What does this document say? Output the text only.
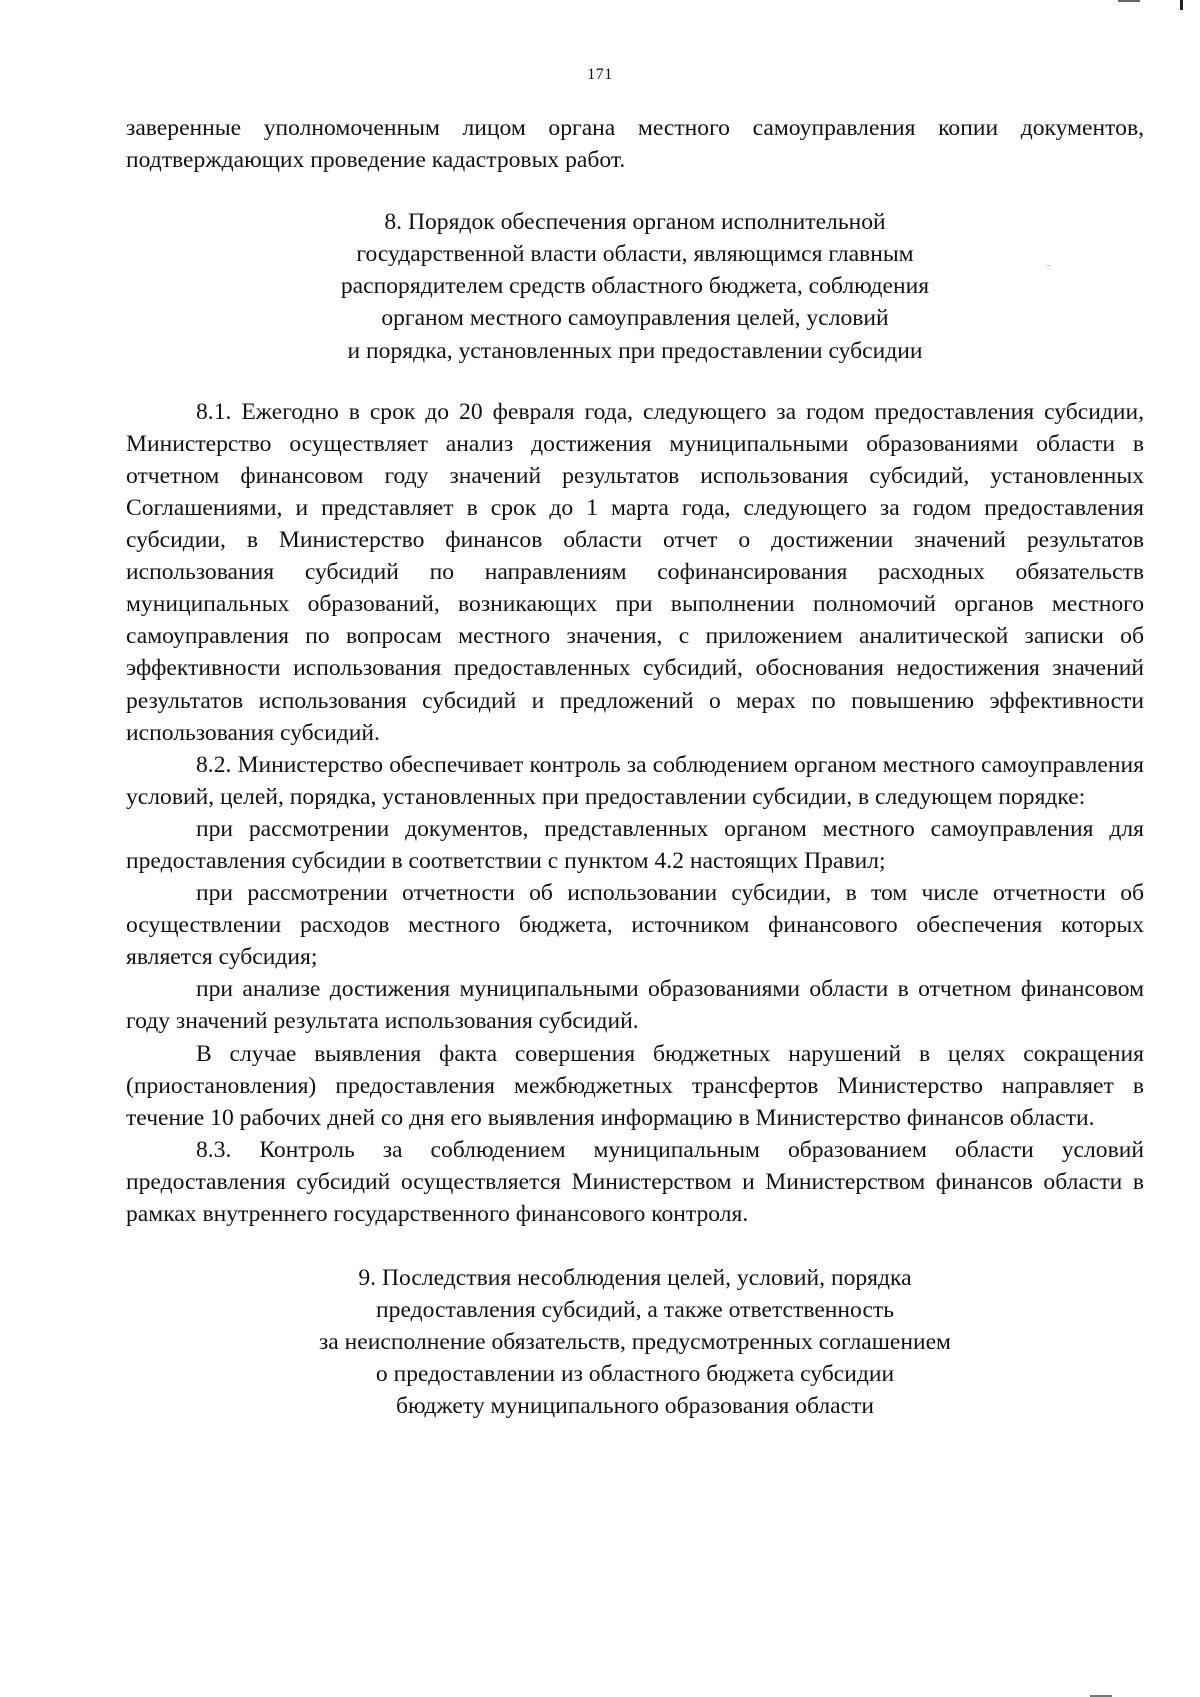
171

заверенные уполномоченным лицом органа местного самоуправления копии документов, подтверждающих проведение кадастровых работ.

8. Порядок обеспечения органом исполнительной
государственной власти области, являющимся главным
распорядителем средств областного бюджета, соблюдения
органом местного самоуправления целей, условий
и порядка, установленных при предоставлении субсидии

8.1. Ежегодно в срок до 20 февраля года, следующего за годом предоставления субсидии, Министерство осуществляет анализ достижения муниципальными образованиями области в отчетном финансовом году значений результатов использования субсидий, установленных Соглашениями, и представляет в срок до 1 марта года, следующего за годом предоставления субсидии, в Министерство финансов области отчет о достижении значений результатов использования субсидий по направлениям софинансирования расходных обязательств муниципальных образований, возникающих при выполнении полномочий органов местного самоуправления по вопросам местного значения, с приложением аналитической записки об эффективности использования предоставленных субсидий, обоснования недостижения значений результатов использования субсидий и предложений о мерах по повышению эффективности использования субсидий.

8.2. Министерство обеспечивает контроль за соблюдением органом местного самоуправления условий, целей, порядка, установленных при предоставлении субсидии, в следующем порядке:

при рассмотрении документов, представленных органом местного самоуправления для предоставления субсидии в соответствии с пунктом 4.2 настоящих Правил;

при рассмотрении отчетности об использовании субсидии, в том числе отчетности об осуществлении расходов местного бюджета, источником финансового обеспечения которых является субсидия;

при анализе достижения муниципальными образованиями области в отчетном финансовом году значений результата использования субсидий.

В случае выявления факта совершения бюджетных нарушений в целях сокращения (приостановления) предоставления межбюджетных трансфертов Министерство направляет в течение 10 рабочих дней со дня его выявления информацию в Министерство финансов области.

8.3. Контроль за соблюдением муниципальным образованием области условий предоставления субсидий осуществляется Министерством и Министерством финансов области в рамках внутреннего государственного финансового контроля.

9. Последствия несоблюдения целей, условий, порядка
предоставления субсидий, а также ответственность
за неисполнение обязательств, предусмотренных соглашением
о предоставлении из областного бюджета субсидии
бюджету муниципального образования области
